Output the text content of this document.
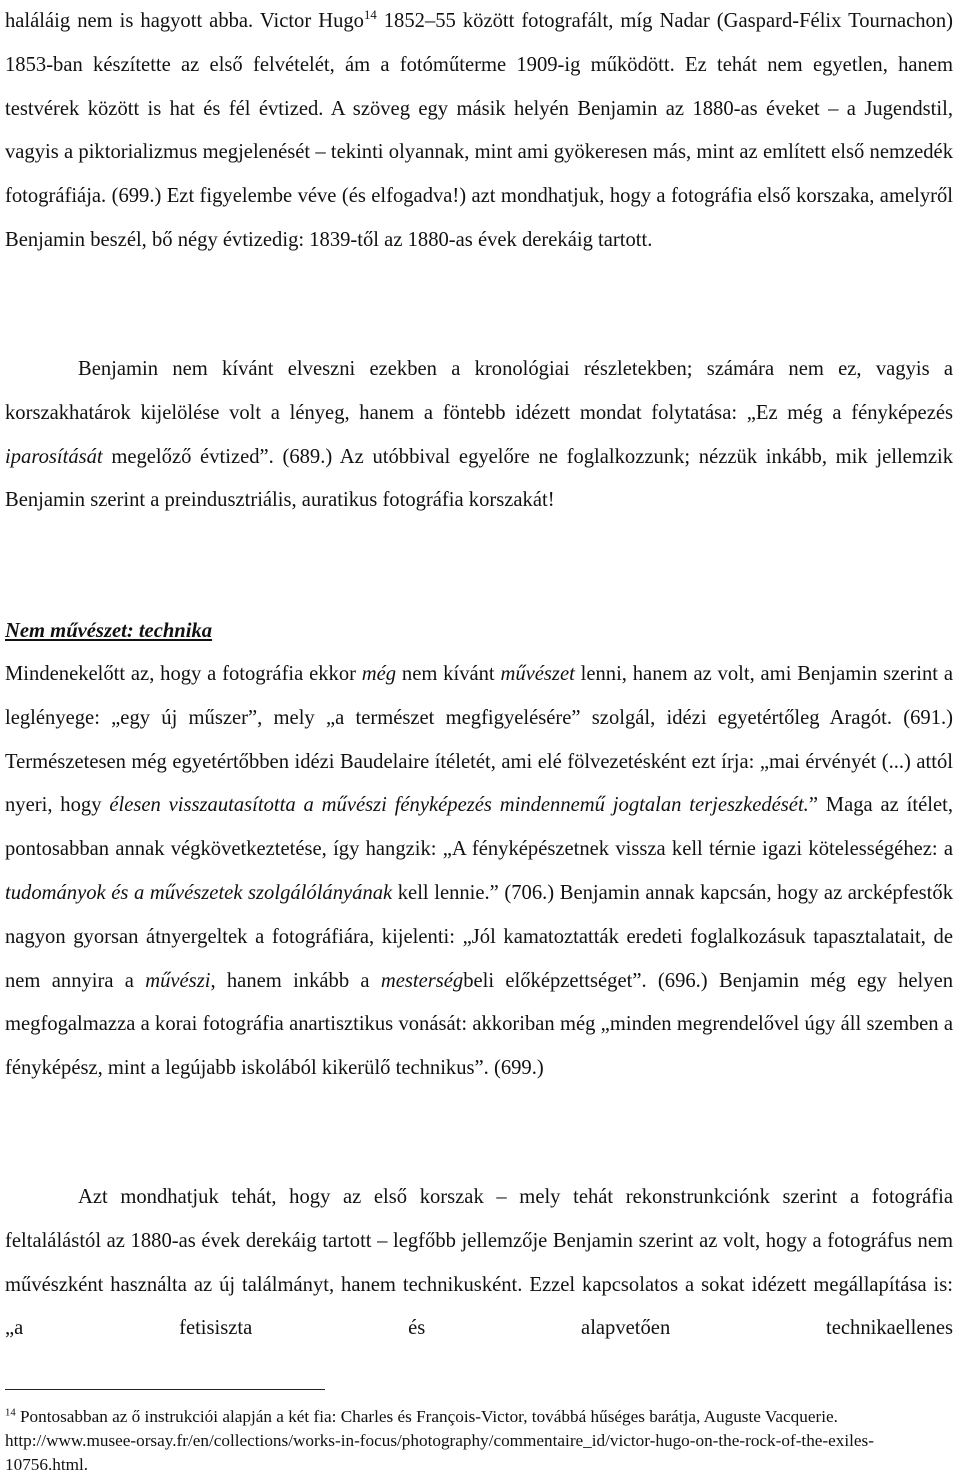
haláláig nem is hagyott abba. Victor Hugo$^{14}$ 1852–55 között fotografált, míg Nadar (Gaspard-Félix Tournachon) 1853-ban készítette az első felvételét, ám a fotóműterme 1909-ig működött. Ez tehát nem egyetlen, hanem testvérek között is hat és fél évtized. A szöveg egy másik helyén Benjamin az 1880-as éveket – a Jugendstil, vagyis a piktorializmus megjelenését – tekinti olyannak, mint ami gyökeresen más, mint az említett első nemzedék fotográfiája. (699.) Ezt figyelembe véve (és elfogadva!) azt mondhatjuk, hogy a fotográfia első korszaka, amelyről Benjamin beszél, bő négy évtizedig: 1839-től az 1880-as évek derekáig tartott.

Benjamin nem kívánt elveszni ezekben a kronológiai részletekben; számára nem ez, vagyis a korszakhatárok kijelölése volt a lényeg, hanem a föntebb idézett mondat folytatása: „Ez még a fényképezés iparosítását megelőző évtized”. (689.) Az utóbbival egyelőre ne foglalkozzunk; nézzük inkább, mik jellemzik Benjamin szerint a preindusztriális, auratikus fotográfia korszakát!

Nem művészet: technika

Mindenekelőtt az, hogy a fotográfia ekkor még nem kívánt művészet lenni, hanem az volt, ami Benjamin szerint a leglényege: „egy új műszer”, mely „a természet megfigyelésére” szolgál, idézi egyetértőleg Aragót. (691.) Természetesen még egyetértőbben idézi Baudelaire ítéletét, ami elé fölvezetésként ezt írja: „mai érvényét (...) attól nyeri, hogy élesen visszautasította a művészi fényképezés mindennemű jogtalan terjeszkedését.” Maga az ítélet, pontosabban annak végkövetkeztetése, így hangzik: „A fényképészetnek vissza kell térnie igazi kötelességéhez: a tudományok és a művészetek szolgálólányának kell lennie.” (706.) Benjamin annak kapcsán, hogy az arcképfestők nagyon gyorsan átnyergeltek a fotográfiára, kijelenti: „Jól kamatoztatták eredeti foglalkozásuk tapasztalatait, de nem annyira a művészi, hanem inkább a mesterségbeli előképzettséget”. (696.) Benjamin még egy helyen megfogalmazza a korai fotográfia anartisztikus vonását: akkoriban még „minden megrendelővel úgy áll szemben a fényképész, mint a legújabb iskolából kikerülő technikus”. (699.)

Azt mondhatjuk tehát, hogy az első korszak – mely tehát rekonstrunkciónk szerint a fotográfia feltalálástól az 1880-as évek derekáig tartott – legfőbb jellemzője Benjamin szerint az volt, hogy a fotográfus nem művészként használta az új találmányt, hanem technikusként. Ezzel kapcsolatos a sokat idézett megállapítása is: „a fetisiszta és alapvetően technikaellenes

$^{14}$ Pontosabban az ő instrukciói alapján a két fia: Charles és François-Victor, továbbá hűséges barátja, Auguste Vacquerie. http://www.musee-orsay.fr/en/collections/works-in-focus/photography/commentaire_id/victor-hugo-on-the-rock-of-the-exiles-10756.html.
